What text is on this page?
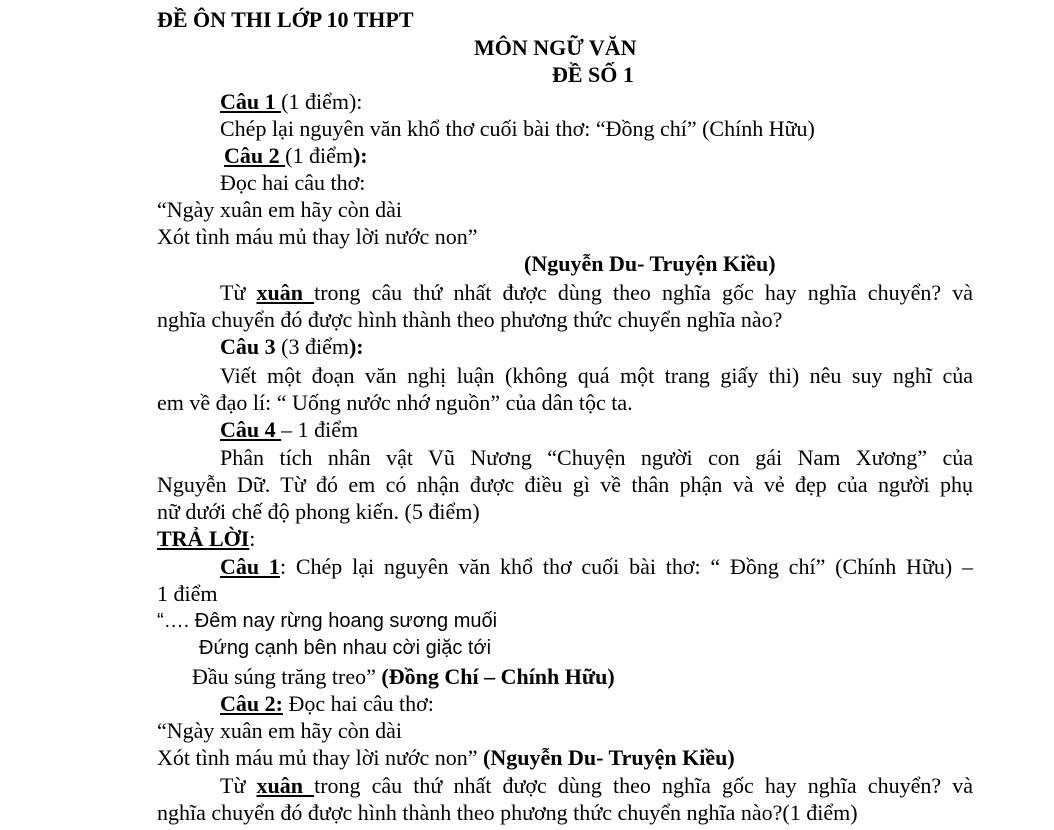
ĐỀ ÔN THI LỚP 10 THPT
MÔN NGỮ VĂN
ĐỀ SỐ 1
Câu 1 (1 điểm):
Chép lại nguyên văn khổ thơ cuối bài thơ: “Đồng chí” (Chính Hữu)
Câu 2 (1 điểm):
Đọc hai câu thơ:
“Ngày xuân em hãy còn dài
Xót tình máu mủ thay lời nước non”
(Nguyễn Du- Truyện Kiều)
Từ xuân trong câu thứ nhất được dùng theo nghĩa gốc hay nghĩa chuyển? và
nghĩa chuyển đó được hình thành theo phương thức chuyển nghĩa nào?
Câu 3 (3 điểm):
Viết một đoạn văn nghị luận (không quá một trang giấy thi) nêu suy nghĩ của
em về đạo lí: “ Uống nước nhớ nguồn” của dân tộc ta.
Câu 4 – 1 điểm
Phân tích nhân vật Vũ Nương “Chuyện người con gái Nam Xương” của
Nguyễn Dữ. Từ đó em có nhận được điều gì về thân phận và vẻ đẹp của người phụ
nữ dưới chế độ phong kiến. (5 điểm)
TRẢ LỜI:
Câu 1: Chép lại nguyên văn khổ thơ cuối bài thơ: “ Đồng chí” (Chính Hữu) –
1 điểm
“…. Đêm nay rừng hoang sương muối
Đứng cạnh bên nhau cời giặc tới
Đầu súng trăng treo” (Đồng Chí – Chính Hữu)
Câu 2: Đọc hai câu thơ:
“Ngày xuân em hãy còn dài
Xót tình máu mủ thay lời nước non” (Nguyễn Du- Truyện Kiều)
Từ xuân trong câu thứ nhất được dùng theo nghĩa gốc hay nghĩa chuyển? và
nghĩa chuyển đó được hình thành theo phương thức chuyển nghĩa nào?(1 điểm)
